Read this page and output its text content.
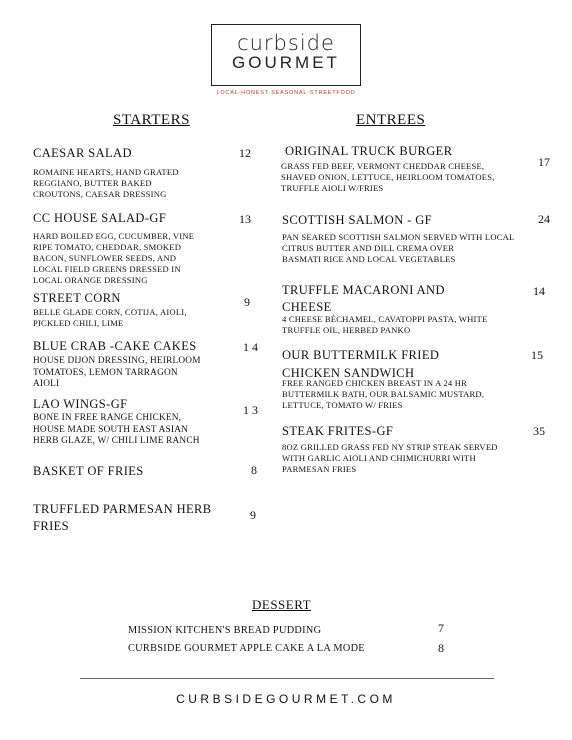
curbside
GOURMET
LOCAL-HONEST-SEASONAL-STREETFOOD
STARTERS	ENTREES
CAESAR SALAD	12
ROMAINE HEARTS, HAND GRATED
REGGIANO, BUTTER BAKED
CROUTONS, CAESAR DRESSING
CC HOUSE SALAD-GF	13
HARD BOILED EGG, CUCUMBER, VINE
RIPE TOMATO, CHEDDAR, SMOKED
BACON, SUNFLOWER SEEDS, AND
LOCAL FIELD GREENS DRESSED IN
LOCAL ORANGE DRESSING
STREET CORN	9
BELLE GLADE CORN, COTIJA, AIOLI,
PICKLED CHILI, LIME
BLUE CRAB -CAKE CAKES	14
HOUSE DIJON DRESSING, HEIRLOOM
TOMATOES, LEMON TARRAGON
AIOLI
LAO WINGS-GF	13
BONE IN FREE RANGE CHICKEN,
HOUSE MADE SOUTH EAST ASIAN
HERB GLAZE, W/ CHILI LIME RANCH
BASKET OF FRIES	8
TRUFFLED PARMESAN HERB
FRIES
9
ORIGINAL TRUCK BURGER
17
GRASS FED BEEF, VERMONT CHEDDAR CHEESE,
SHAVED ONION, LETTUCE, HEIRLOOM TOMATOES,
TRUFFLE AIOLI W/FRIES
SCOTTISH SALMON - GF	24
PAN SEARED SCOTTISH SALMON SERVED WITH LOCAL
CITRUS BUTTER AND DILL CREMA OVER
BASMATI RICE AND LOCAL VEGETABLES
TRUFFLE MACARONI AND
CHEESE
14
4 CHEESE BÉCHAMEL, CAVATOPPI PASTA, WHITE
TRUFFLE OIL, HERBED PANKO
OUR BUTTERMILK FRIED
CHICKEN SANDWICH
15
FREE RANGED CHICKEN BREAST IN A 24 HR
BUTTERMILK BATH, OUR BALSAMIC MUSTARD,
LETTUCE, TOMATO W/ FRIES
STEAK FRITES-GF	35
8OZ GRILLED GRASS FED NY STRIP STEAK SERVED
WITH GARLIC AIOLI AND CHIMICHURRI WITH
PARMESAN FRIES
DESSERT
MISSION KITCHEN'S BREAD PUDDING	7
CURBSIDE GOURMET APPLE CAKE A LA MODE	8
CURBSIDEGOURMET.COM
